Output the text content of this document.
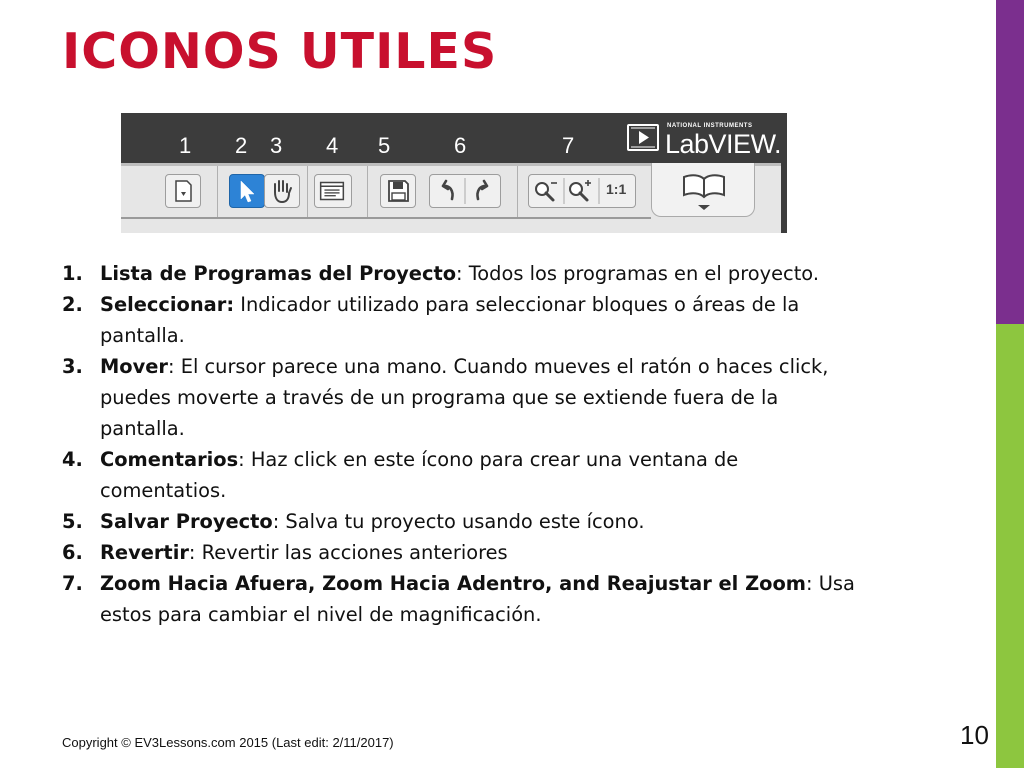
ICONOS UTILES
1 2 3 4 5	6	7
NATIONAL INSTRUMENTS
LabVIEW.
1:1
1. Lista de Programas del Proyecto: Todos los programas en el proyecto.
2. Seleccionar: Indicador utilizado para seleccionar bloques o áreas de la pantalla.
3. Mover: El cursor parece una mano. Cuando mueves el ratón o haces click, puedes moverte a través de un programa que se extiende fuera de la pantalla.
4. Comentarios: Haz click en este ícono para crear una ventana de comentatios.
5. Salvar Proyecto: Salva tu proyecto usando este ícono.
6. Revertir: Revertir las acciones anteriores
7. Zoom Hacia Afuera, Zoom Hacia Adentro, and Reajustar el Zoom: Usa estos para cambiar el nivel de magnificación.
Copyright © EV3Lessons.com 2015 (Last edit: 2/11/2017)	10
